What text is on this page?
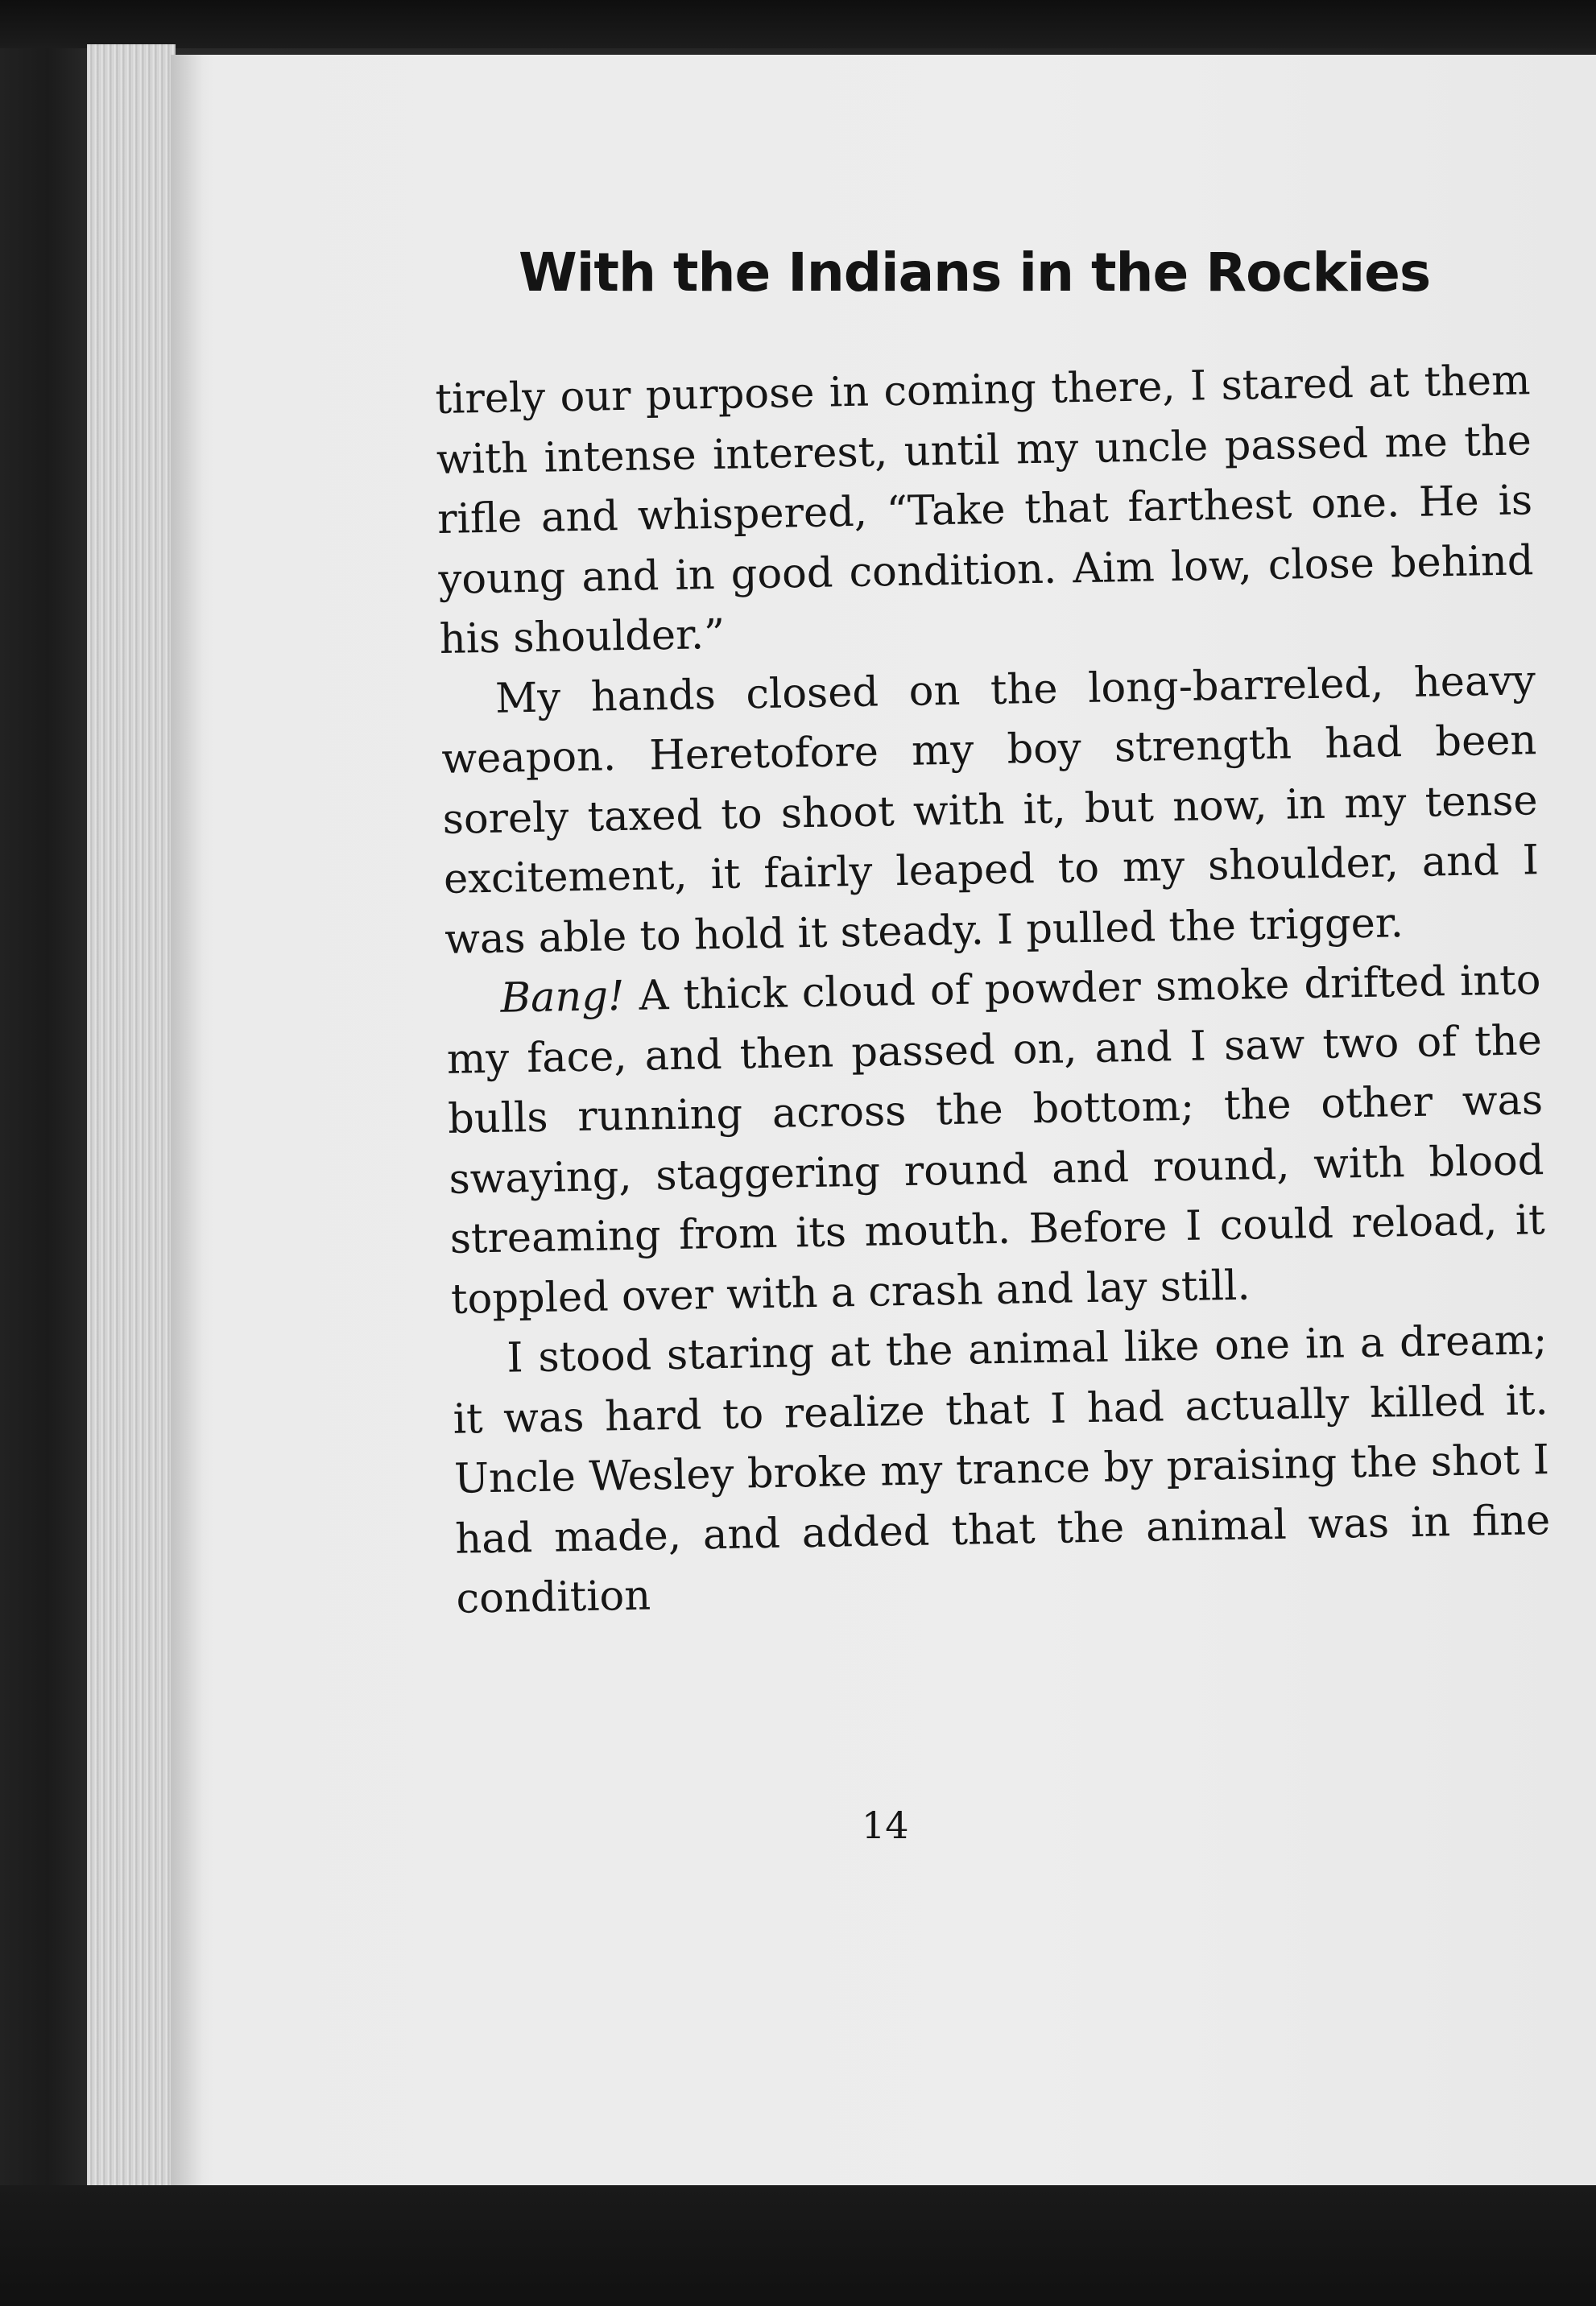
With the Indians in the Rockies

tirely our purpose in coming there, I stared at them with intense interest, until my uncle passed me the rifle and whispered, “Take that farthest one. He is young and in good condition. Aim low, close behind his shoulder.”

My hands closed on the long-barreled, heavy weapon. Heretofore my boy strength had been sorely taxed to shoot with it, but now, in my tense excitement, it fairly leaped to my shoulder, and I was able to hold it steady. I pulled the trigger.

Bang! A thick cloud of powder smoke drifted into my face, and then passed on, and I saw two of the bulls running across the bottom; the other was swaying, staggering round and round, with blood streaming from its mouth. Before I could reload, it toppled over with a crash and lay still.

I stood staring at the animal like one in a dream; it was hard to realize that I had actually killed it. Uncle Wesley broke my trance by praising the shot I had made, and added that the animal was in fine condition

14
